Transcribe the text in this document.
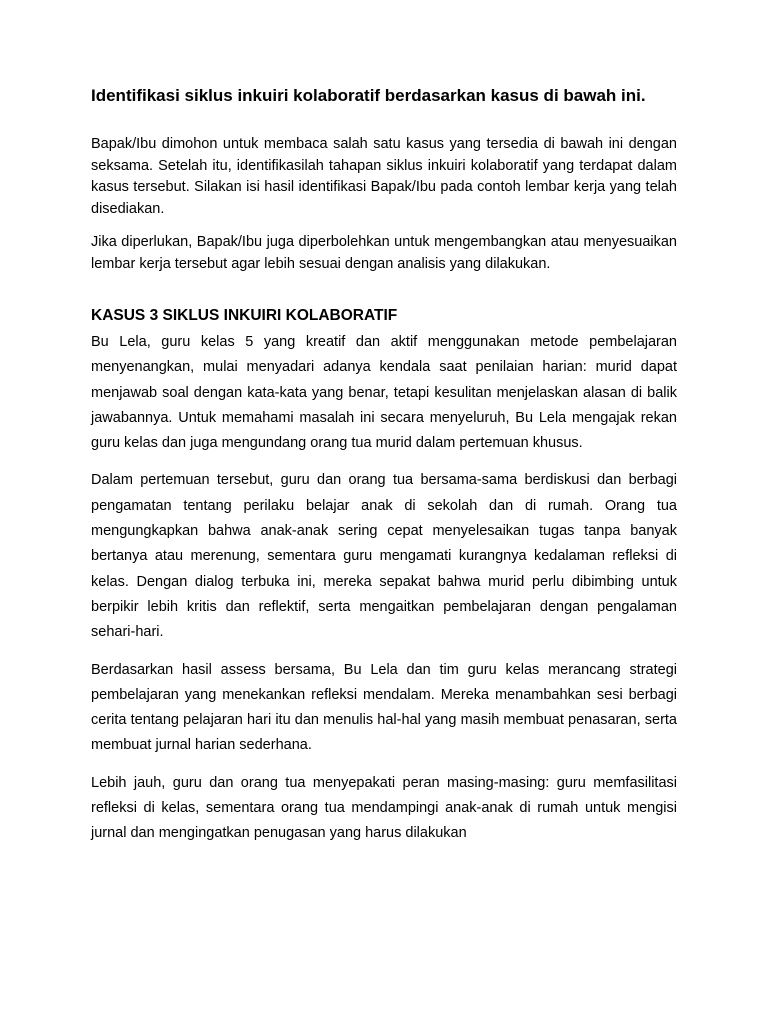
Identifikasi siklus inkuiri kolaboratif berdasarkan kasus di bawah ini.

Bapak/Ibu dimohon untuk membaca salah satu kasus yang tersedia di bawah ini dengan seksama. Setelah itu, identifikasilah tahapan siklus inkuiri kolaboratif yang terdapat dalam kasus tersebut. Silakan isi hasil identifikasi Bapak/Ibu pada contoh lembar kerja yang telah disediakan.

Jika diperlukan, Bapak/Ibu juga diperbolehkan untuk mengembangkan atau menyesuaikan lembar kerja tersebut agar lebih sesuai dengan analisis yang dilakukan.

KASUS 3 SIKLUS INKUIRI KOLABORATIF

Bu Lela, guru kelas 5 yang kreatif dan aktif menggunakan metode pembelajaran menyenangkan, mulai menyadari adanya kendala saat penilaian harian: murid dapat menjawab soal dengan kata-kata yang benar, tetapi kesulitan menjelaskan alasan di balik jawabannya. Untuk memahami masalah ini secara menyeluruh, Bu Lela mengajak rekan guru kelas dan juga mengundang orang tua murid dalam pertemuan khusus.

Dalam pertemuan tersebut, guru dan orang tua bersama-sama berdiskusi dan berbagi pengamatan tentang perilaku belajar anak di sekolah dan di rumah. Orang tua mengungkapkan bahwa anak-anak sering cepat menyelesaikan tugas tanpa banyak bertanya atau merenung, sementara guru mengamati kurangnya kedalaman refleksi di kelas. Dengan dialog terbuka ini, mereka sepakat bahwa murid perlu dibimbing untuk berpikir lebih kritis dan reflektif, serta mengaitkan pembelajaran dengan pengalaman sehari-hari.

Berdasarkan hasil assess bersama, Bu Lela dan tim guru kelas merancang strategi pembelajaran yang menekankan refleksi mendalam. Mereka menambahkan sesi berbagi cerita tentang pelajaran hari itu dan menulis hal-hal yang masih membuat penasaran, serta membuat jurnal harian sederhana.

Lebih jauh, guru dan orang tua menyepakati peran masing-masing: guru memfasilitasi refleksi di kelas, sementara orang tua mendampingi anak-anak di rumah untuk mengisi jurnal dan mengingatkan penugasan yang harus dilakukan
